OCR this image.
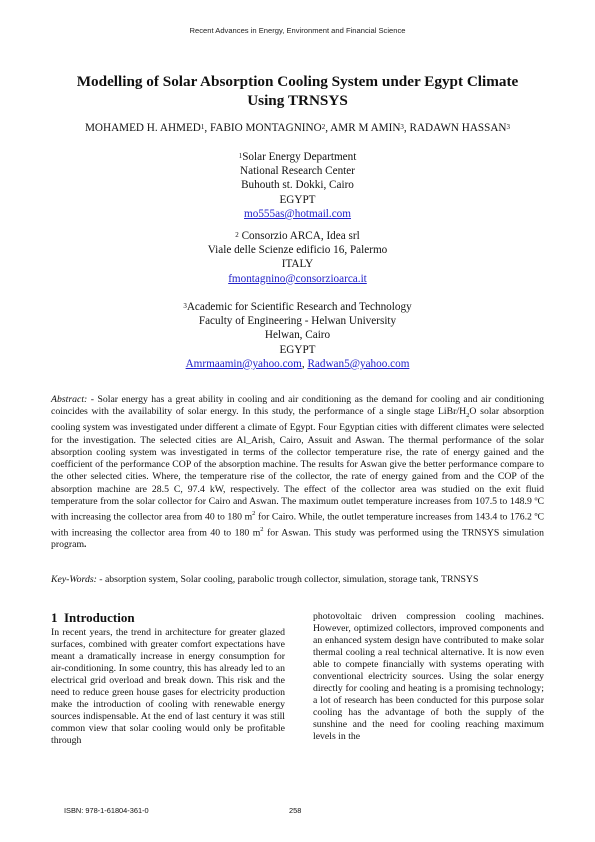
Recent Advances in Energy, Environment and Financial Science
Modelling of Solar Absorption Cooling System under Egypt Climate
Using TRNSYS
MOHAMED H. AHMED$^1$, FABIO MONTAGNINO$^2$, AMR M AMIN$^3$, RADAWN HASSAN$^3$
$^1$Solar Energy Department
National Research Center
Buhouth st. Dokki, Cairo
EGYPT
mo555as@hotmail.com
$^2$ Consorzio ARCA, Idea srl
Viale delle Scienze edificio 16, Palermo
ITALY
fmontagnino@consorzioarca.it
$^3$Academic for Scientific Research and Technology
Faculty of Engineering - Helwan University
Helwan, Cairo
EGYPT
Amrmaamin@yahoo.com, Radwan5@yahoo.com
Abstract: - Solar energy has a great ability in cooling and air conditioning as the demand for cooling and air conditioning coincides with the availability of solar energy. In this study, the performance of a single stage LiBr/$H_2O$ solar absorption cooling system was investigated under different a climate of Egypt. Four Egyptian cities with different climates were selected for the investigation. The selected cities are Al_Arish, Cairo, Assuit and Aswan. The thermal performance of the solar absorption cooling system was investigated in terms of the collector temperature rise, the rate of energy gained and the coefficient of the performance COP of the absorption machine. The results for Aswan give the better performance compare to the other selected cities. Where, the temperature rise of the collector, the rate of energy gained from and the COP of the absorption machine are 28.5 C, 97.4 kW, respectively. The effect of the collector area was studied on the exit fluid temperature from the solar collector for Cairo and Aswan. The maximum outlet temperature increases from 107.5 to 148.9 ºC with increasing the collector area from 40 to 180 $m^2$ for Cairo. While, the outlet temperature increases from 143.4 to 176.2 ºC with increasing the collector area from 40 to 180 $m^2$ for Aswan. This study was performed using the TRNSYS simulation program.
Key-Words: - absorption system, Solar cooling, parabolic trough collector, simulation, storage tank, TRNSYS
1 Introduction
In recent years, the trend in architecture for greater glazed surfaces, combined with greater comfort expectations have meant a dramatically increase in energy consumption for air-conditioning. In some country, this has already led to an electrical grid overload and break down. This risk and the need to reduce green house gases for electricity production make the introduction of cooling with renewable energy sources indispensable. At the end of last century it was still common view that solar cooling would only be profitable through
photovoltaic driven compression cooling machines. However, optimized collectors, improved components and an enhanced system design have contributed to make solar thermal cooling a real technical alternative. It is now even able to compete financially with systems operating with conventional electricity sources. Using the solar energy directly for cooling and heating is a promising technology; a lot of research has been conducted for this purpose solar cooling has the advantage of both the supply of the sunshine and the need for cooling reaching maximum levels in the
ISBN: 978-1-61804-361-0	258
